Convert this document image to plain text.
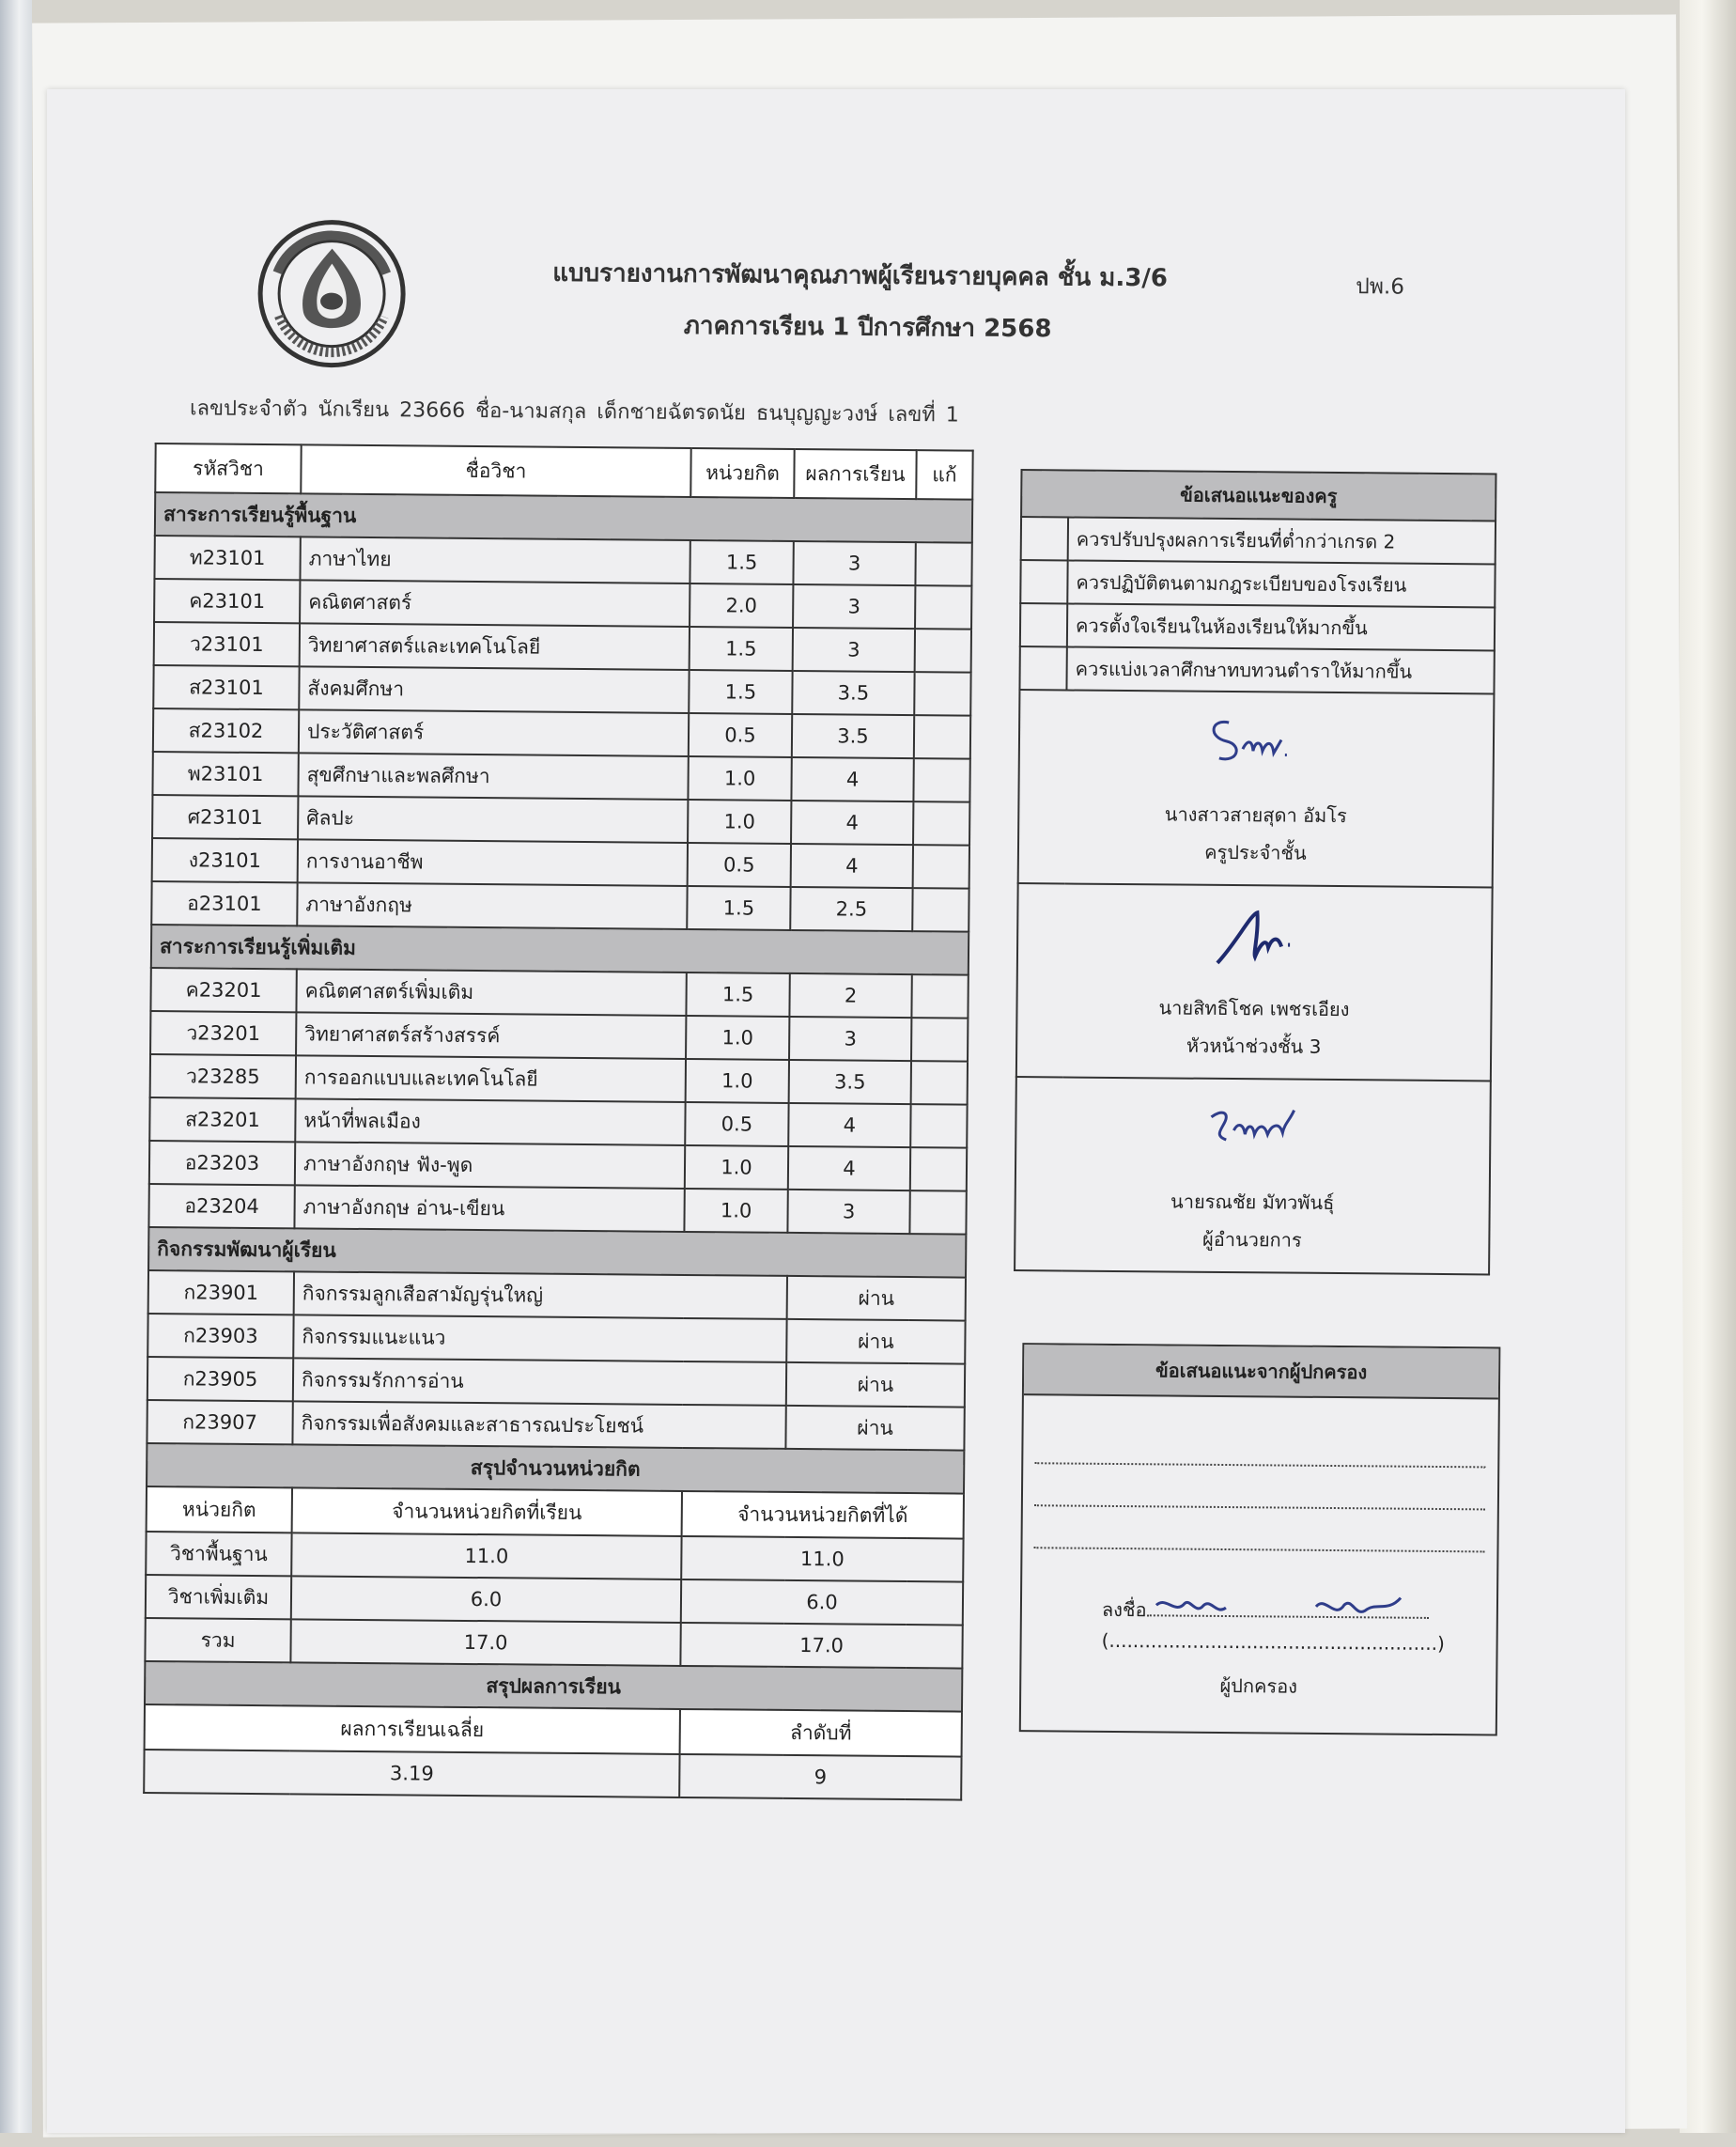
แบบรายงานการพัฒนาคุณภาพผู้เรียนรายบุคคล ชั้น ม.3/6
ภาคการเรียน 1 ปีการศึกษา 2568
ปพ.6
เลขประจำตัว นักเรียน 23666 ชื่อ-นามสกุล เด็กชายฉัตรดนัย ธนบุญญะวงษ์ เลขที่ 1
รหัสวิชา	ชื่อวิชา	หน่วยกิต	ผลการเรียน	แก้
สาระการเรียนรู้พื้นฐาน				
ท23101	ภาษาไทย	1.5	3	
ค23101	คณิตศาสตร์	2.0	3	
ว23101	วิทยาศาสตร์และเทคโนโลยี	1.5	3	
ส23101	สังคมศึกษา	1.5	3.5	
ส23102	ประวัติศาสตร์	0.5	3.5	
พ23101	สุขศึกษาและพลศึกษา	1.0	4	
ศ23101	ศิลปะ	1.0	4	
ง23101	การงานอาชีพ	0.5	4	
อ23101	ภาษาอังกฤษ	1.5	2.5	
สาระการเรียนรู้เพิ่มเติม				
ค23201	คณิตศาสตร์เพิ่มเติม	1.5	2	
ว23201	วิทยาศาสตร์สร้างสรรค์	1.0	3	
ว23285	การออกแบบและเทคโนโลยี	1.0	3.5	
ส23201	หน้าที่พลเมือง	0.5	4	
อ23203	ภาษาอังกฤษ ฟัง-พูด	1.0	4	
อ23204	ภาษาอังกฤษ อ่าน-เขียน	1.0	3	
กิจกรรมพัฒนาผู้เรียน				
ก23901	กิจกรรมลูกเสือสามัญรุ่นใหญ่		ผ่าน	
ก23903	กิจกรรมแนะแนว		ผ่าน	
ก23905	กิจกรรมรักการอ่าน		ผ่าน	
ก23907	กิจกรรมเพื่อสังคมและสาธารณประโยชน์		ผ่าน	
สรุปจำนวนหน่วยกิต				
หน่วยกิต	จำนวนหน่วยกิตที่เรียน	จำนวนหน่วยกิตที่ได้		
วิชาพื้นฐาน	11.0	11.0		
วิชาเพิ่มเติม	6.0	6.0		
รวม	17.0	17.0		
สรุปผลการเรียน				
ผลการเรียนเฉลี่ย		ลำดับที่		
3.19		9		
ข้อเสนอแนะของครู	
	ควรปรับปรุงผลการเรียนที่ต่ำกว่าเกรด 2
	ควรปฏิบัติตนตามกฎระเบียบของโรงเรียน
	ควรตั้งใจเรียนในห้องเรียนให้มากขึ้น
	ควรแบ่งเวลาศึกษาทบทวนตำราให้มากขึ้น

นางสาวสายสุดา อัมโร
ครูประจำชั้น	

นายสิทธิโชค เพชรเอียง
หัวหน้าช่วงชั้น 3	

นายรณชัย มัทวพันธุ์
ผู้อำนวยการ	
ข้อเสนอแนะจากผู้ปกครอง
ลงชื่อ
(.......................................................)
ผู้ปกครอง
